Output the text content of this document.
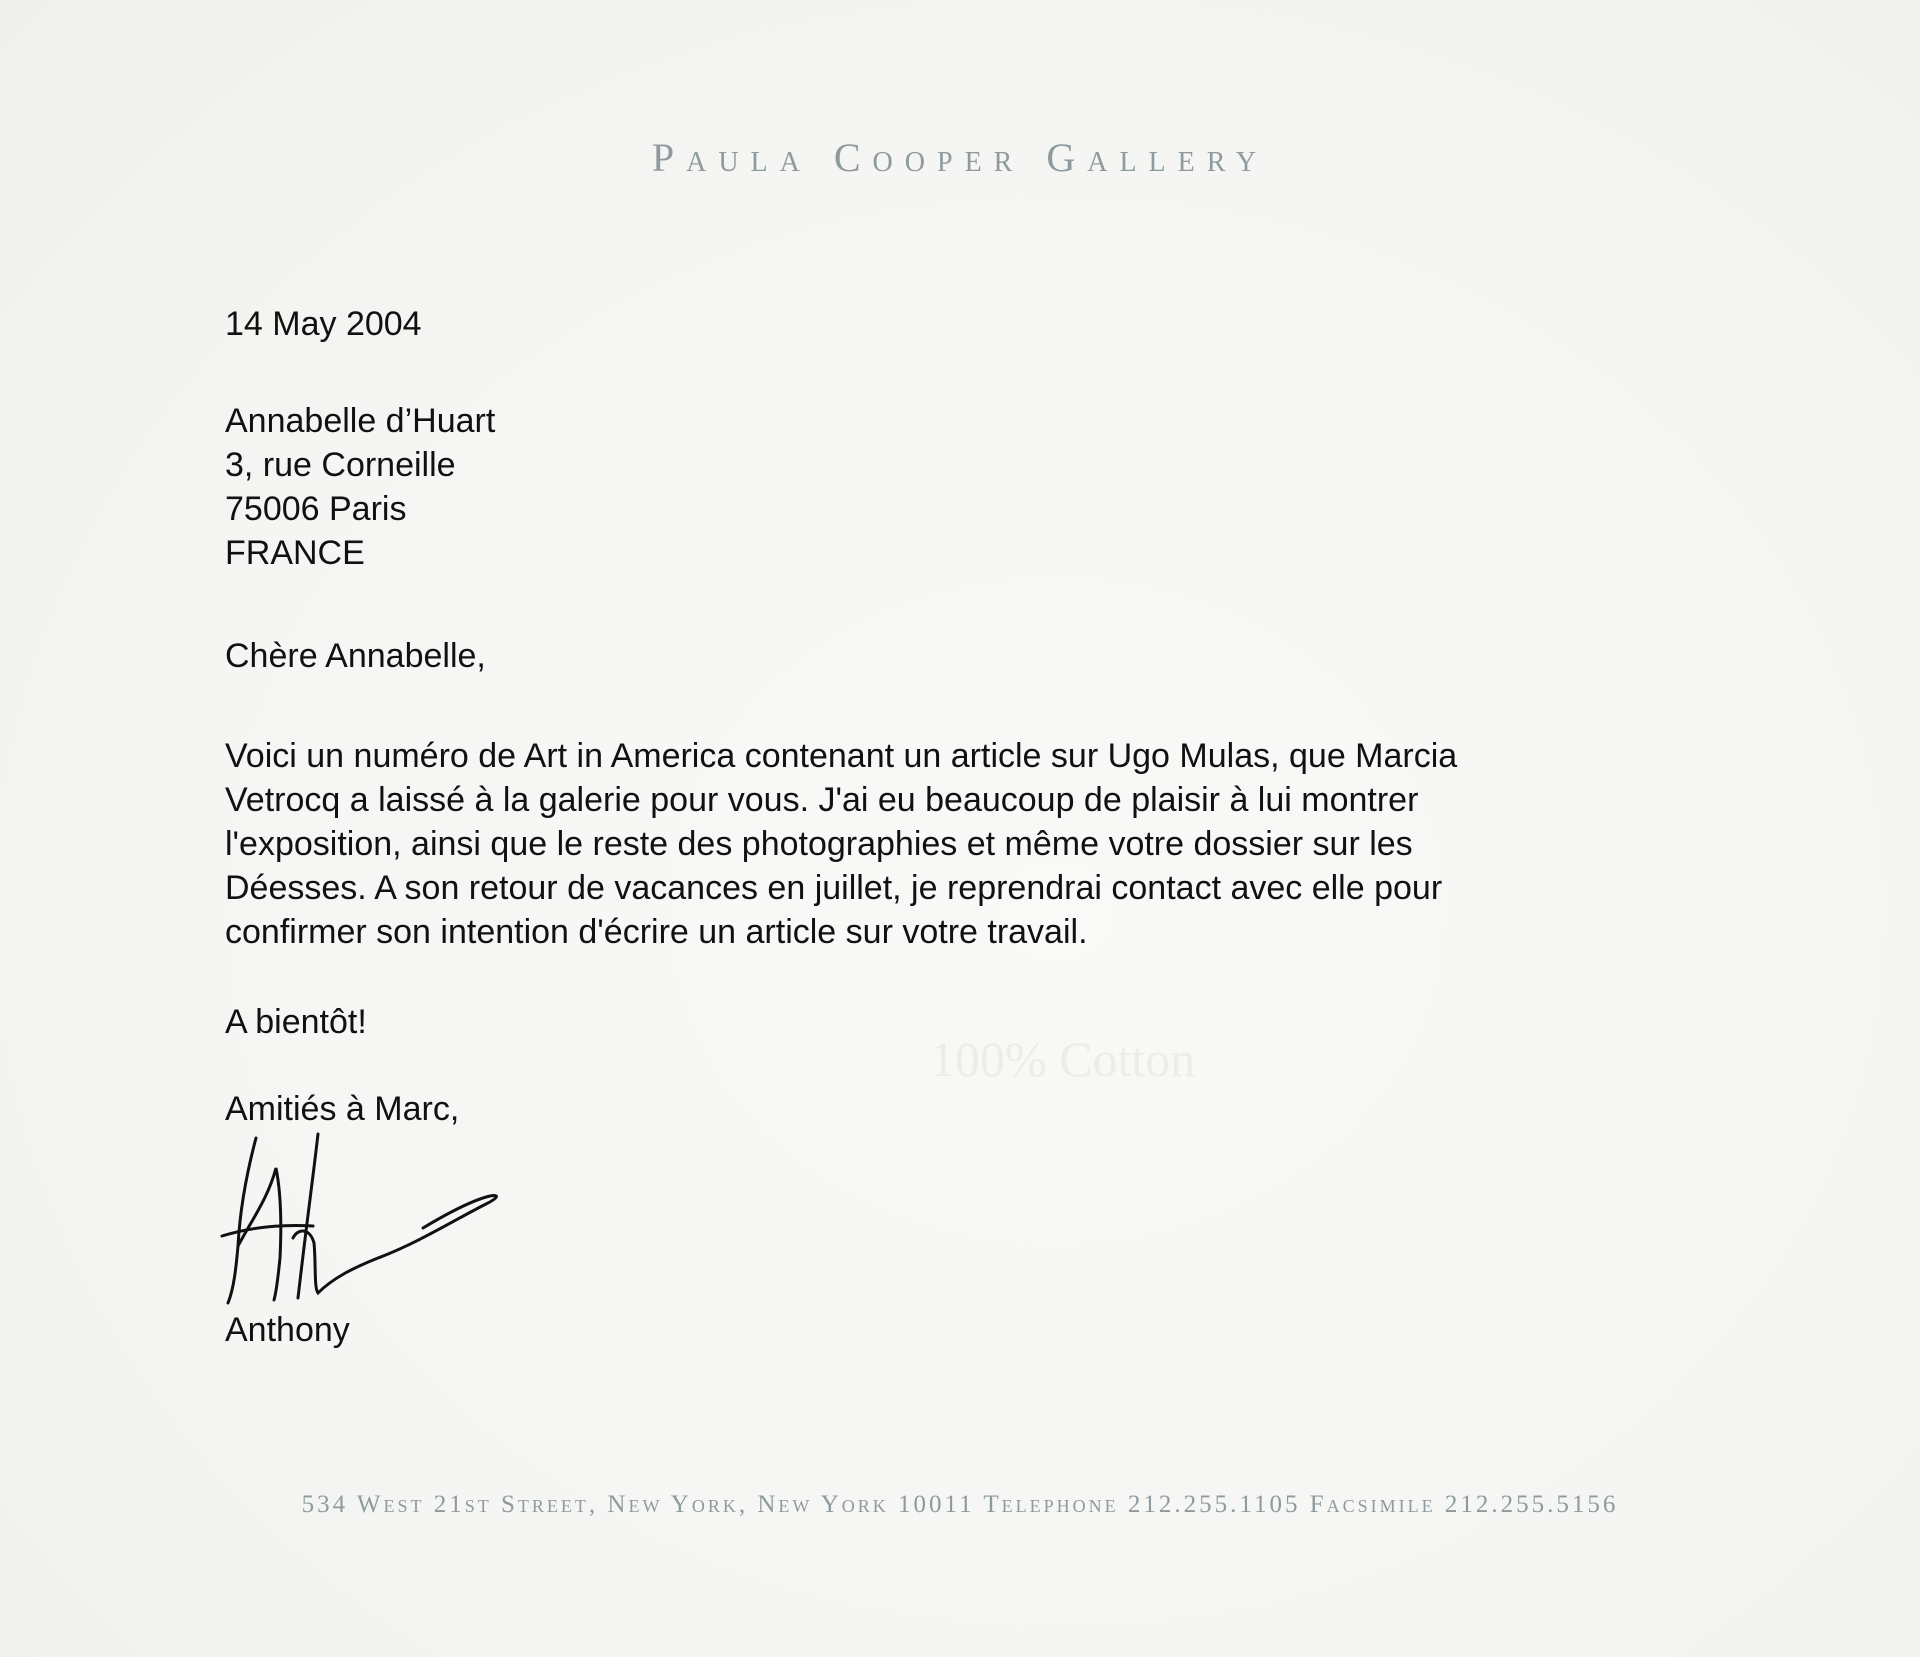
Paula Cooper Gallery
100% Cotton
14 May 2004
Annabelle d’Huart
3, rue Corneille
75006 Paris
FRANCE
Chère Annabelle,
Voici un numéro de Art in America contenant un article sur Ugo Mulas, que Marcia
Vetrocq a laissé à la galerie pour vous. J'ai eu beaucoup de plaisir à lui montrer
l'exposition, ainsi que le reste des photographies et même votre dossier sur les
Déesses. A son retour de vacances en juillet, je reprendrai contact avec elle pour
confirmer son intention d'écrire un article sur votre travail.
A bientôt!
Amitiés à Marc,
Anthony
534 West 21st Street, New York, New York 10011 Telephone 212.255.1105 Facsimile 212.255.5156
